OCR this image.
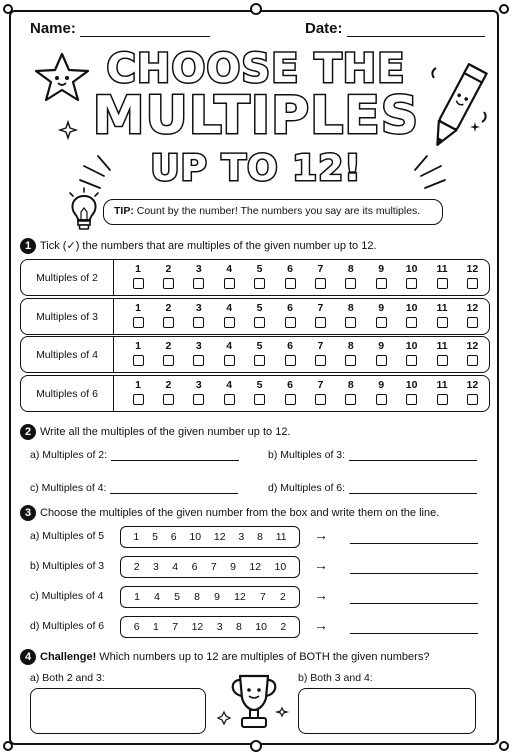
Name:	Date:
CHOOSE THE
MULTIPLES
UP TO 12!
TIP: Count by the number! The numbers you say are its multiples.
1 Tick (✓) the numbers that are multiples of the given number up to 12.
Multiples of 2
1	2	3	4	5	6	7	8	9	10	11	12
Multiples of 3
1	2	3	4	5	6	7	8	9	10	11	12
Multiples of 4
1	2	3	4	5	6	7	8	9	10	11	12
Multiples of 6
1	2	3	4	5	6	7	8	9	10	11	12
2 Write all the multiples of the given number up to 12.
a) Multiples of 2:	b) Multiples of 3:
c) Multiples of 4:	d) Multiples of 6:
3 Choose the multiples of the given number from the box and write them on the line.
a) Multiples of 5	1 5 6 10 12 3 8 11 →
b) Multiples of 3	2 3 4 6 7 9 12 10 →
c) Multiples of 4	1 4 5 8 9 12 7 2 →
d) Multiples of 6	6 1 7 12 3 8 10 2 →
4 Challenge! Which numbers up to 12 are multiples of BOTH the given numbers?
a) Both 2 and 3:	b) Both 3 and 4:
